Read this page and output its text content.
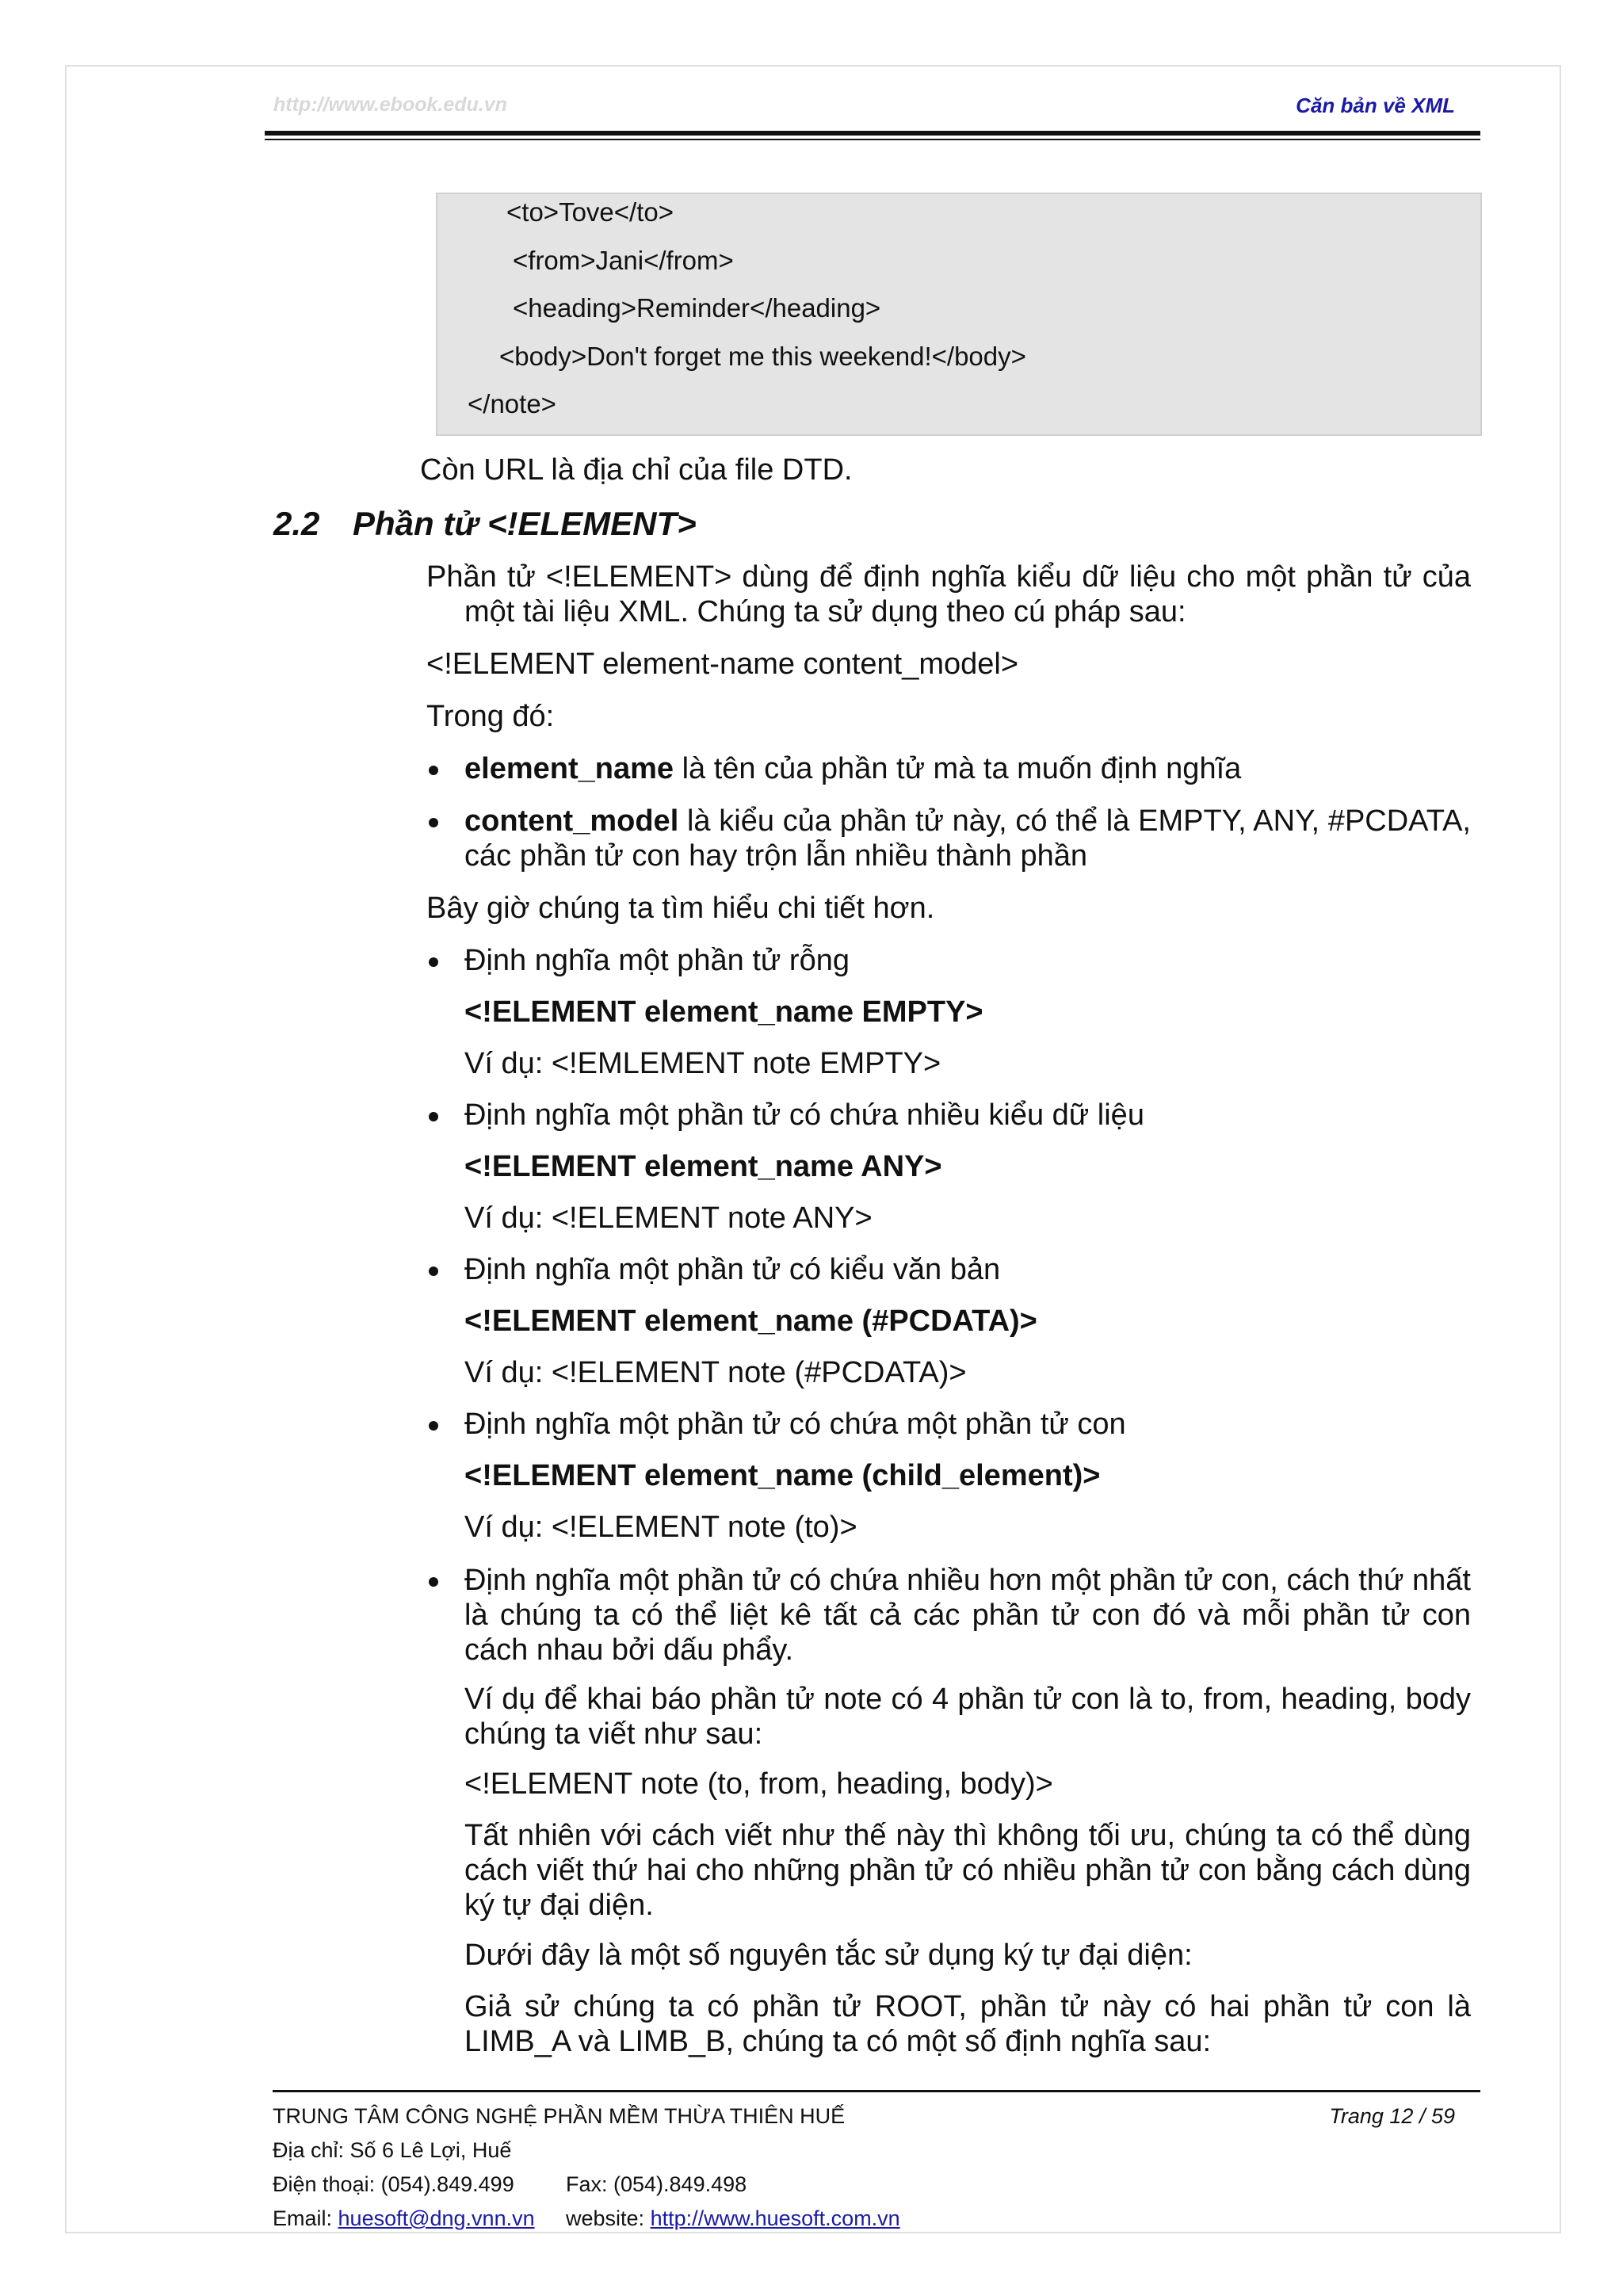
http://www.ebook.edu.vn	Căn bản về XML
<to>Tove</to>
<from>Jani</from>
<heading>Reminder</heading>
<body>Don't forget me this weekend!</body>
</note>
Còn URL là địa chỉ của file DTD.
2.2 Phần tử <!ELEMENT>
Phần tử <!ELEMENT> dùng để định nghĩa kiểu dữ liệu cho một phần tử của một tài liệu XML. Chúng ta sử dụng theo cú pháp sau:
<!ELEMENT element-name content_model>
Trong đó:
element_name là tên của phần tử mà ta muốn định nghĩa
content_model là kiểu của phần tử này, có thể là EMPTY, ANY, #PCDATA, các phần tử con hay trộn lẫn nhiều thành phần
Bây giờ chúng ta tìm hiểu chi tiết hơn.
Định nghĩa một phần tử rỗng
<!ELEMENT element_name EMPTY>
Ví dụ: <!EMLEMENT note EMPTY>
Định nghĩa một phần tử có chứa nhiều kiểu dữ liệu
<!ELEMENT element_name ANY>
Ví dụ: <!ELEMENT note ANY>
Định nghĩa một phần tử có kiểu văn bản
<!ELEMENT element_name (#PCDATA)>
Ví dụ: <!ELEMENT note (#PCDATA)>
Định nghĩa một phần tử có chứa một phần tử con
<!ELEMENT element_name (child_element)>
Ví dụ: <!ELEMENT note (to)>
Định nghĩa một phần tử có chứa nhiều hơn một phần tử con, cách thứ nhất là chúng ta có thể liệt kê tất cả các phần tử con đó và mỗi phần tử con cách nhau bởi dấu phẩy.
Ví dụ để khai báo phần tử note có 4 phần tử con là to, from, heading, body chúng ta viết như sau:
<!ELEMENT note (to, from, heading, body)>
Tất nhiên với cách viết như thế này thì không tối ưu, chúng ta có thể dùng cách viết thứ hai cho những phần tử có nhiều phần tử con bằng cách dùng ký tự đại diện.
Dưới đây là một số nguyên tắc sử dụng ký tự đại diện:
Giả sử chúng ta có phần tử ROOT, phần tử này có hai phần tử con là LIMB_A và LIMB_B, chúng ta có một số định nghĩa sau:
TRUNG TÂM CÔNG NGHỆ PHẦN MỀM THỪA THIÊN HUẾ	Trang 12 / 59
Địa chỉ: Số 6 Lê Lợi, Huế
Điện thoại: (054).849.499 Fax: (054).849.498
Email: huesoft@dng.vnn.vn website: http://www.huesoft.com.vn
